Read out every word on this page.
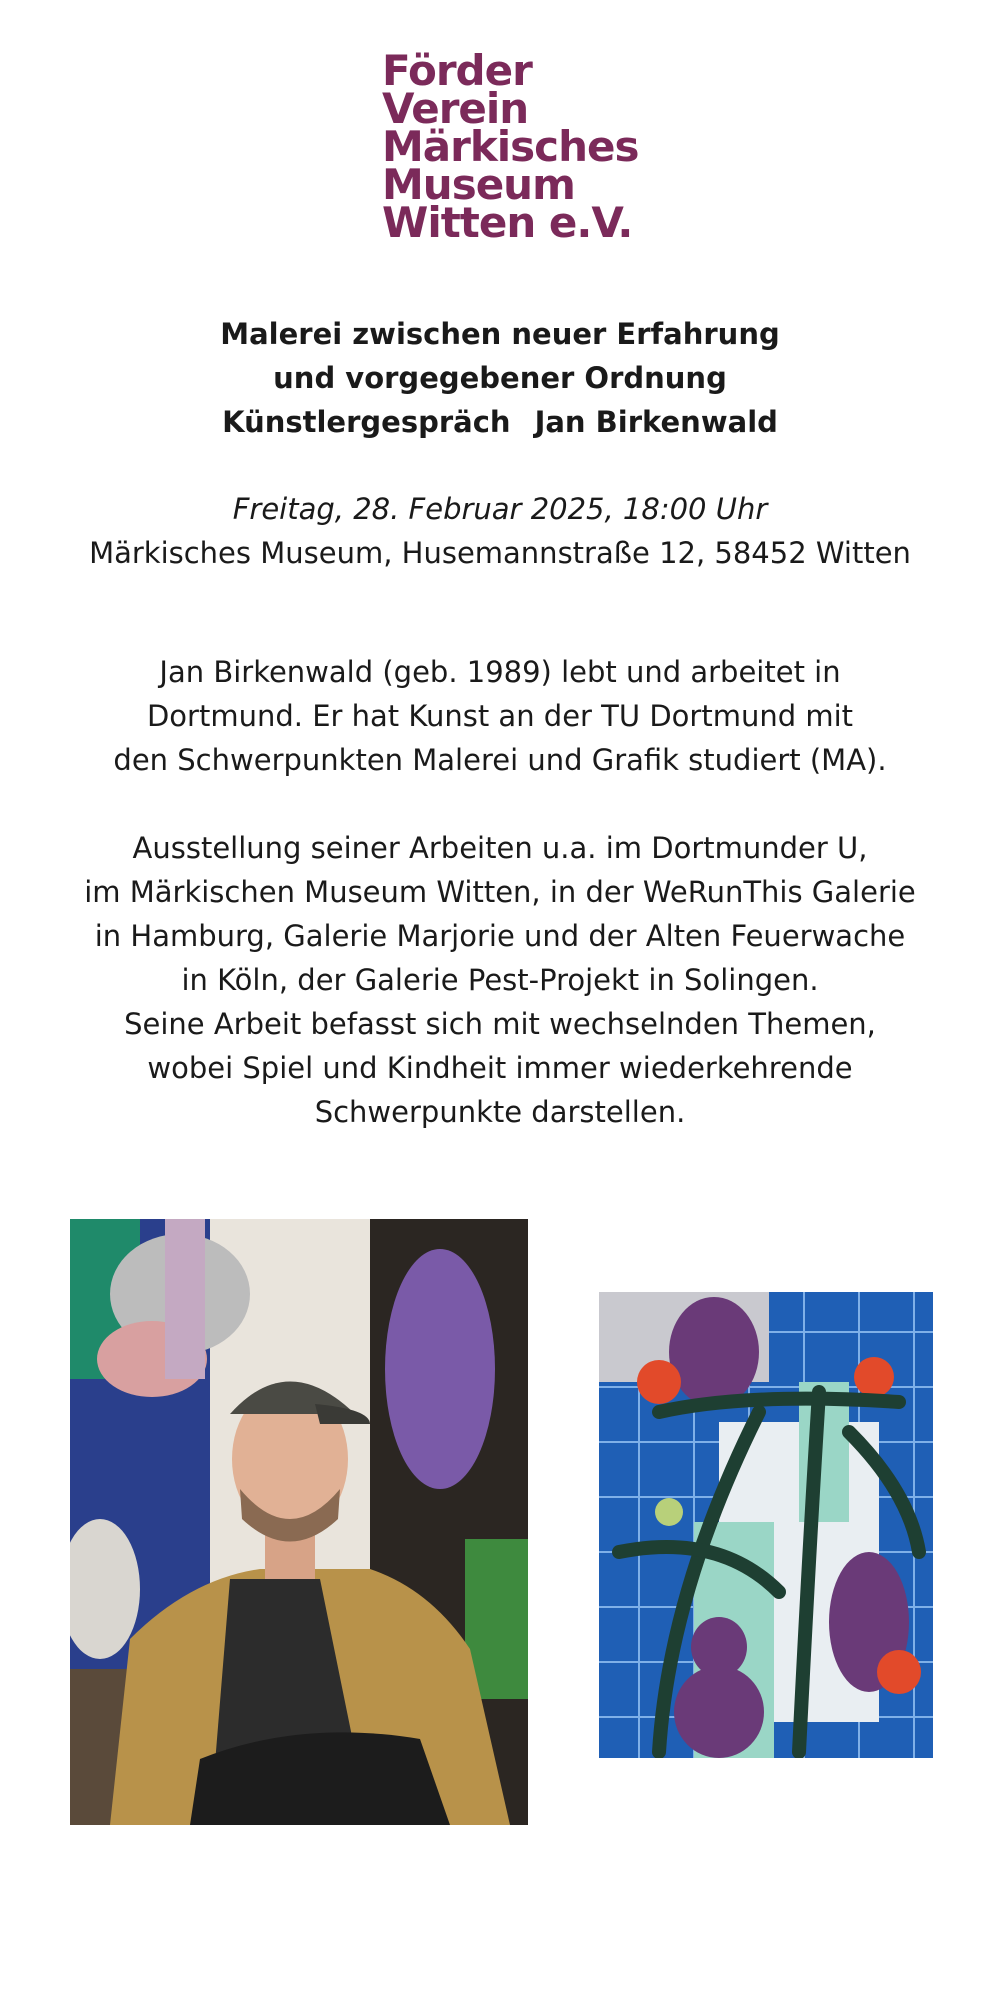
Förder
Verein
Märkisches
Museum
Witten e.V.
Malerei zwischen neuer Erfahrung
und vorgegebener Ordnung
Künstlergespräch Jan Birkenwald
Freitag, 28. Februar 2025, 18:00 Uhr
Märkisches Museum, Husemannstraße 12, 58452 Witten
Jan Birkenwald (geb. 1989) lebt und arbeitet in
Dortmund. Er hat Kunst an der TU Dortmund mit
den Schwerpunkten Malerei und Grafik studiert (MA).
Ausstellung seiner Arbeiten u.a. im Dortmunder U,
im Märkischen Museum Witten, in der WeRunThis Galerie
in Hamburg, Galerie Marjorie und der Alten Feuerwache
in Köln, der Galerie Pest-Projekt in Solingen.
Seine Arbeit befasst sich mit wechselnden Themen,
wobei Spiel und Kindheit immer wiederkehrende
Schwerpunkte darstellen.
